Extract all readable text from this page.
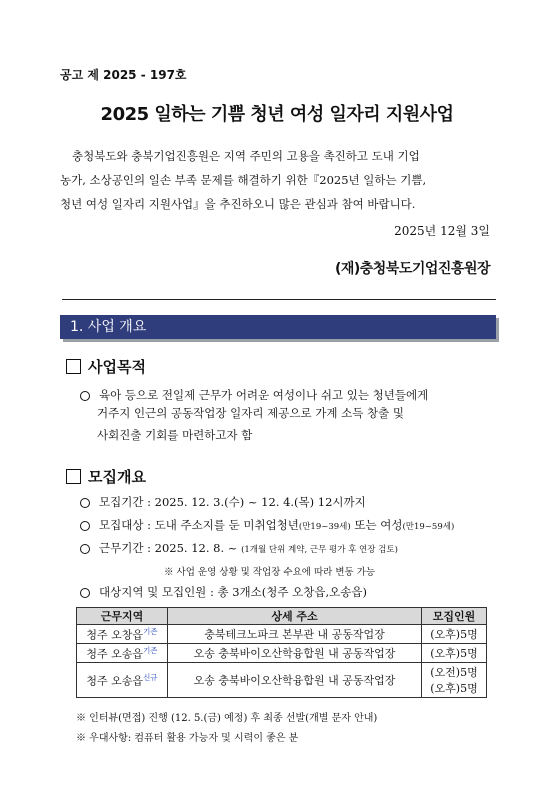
공고 제 2025 - 197호
2025 일하는 기쁨 청년 여성 일자리 지원사업
충청북도와 충북기업진흥원은 지역 주민의 고용을 촉진하고 도내 기업
농가, 소상공인의 일손 부족 문제를 해결하기 위한『2025년 일하는 기쁨,
청년 여성 일자리 지원사업』을 추진하오니 많은 관심과 참여 바랍니다.
2025년 12월 3일
(재)충청북도기업진흥원장
1. 사업 개요
사업목적
육아 등으로 전일제 근무가 어려운 여성이나 쉬고 있는 청년들에게
거주지 인근의 공동작업장 일자리 제공으로 가계 소득 창출 및
사회진출 기회를 마련하고자 함
모집개요
모집기간 : 2025. 12. 3.(수) ~ 12. 4.(목) 12시까지
모집대상 : 도내 주소지를 둔 미취업청년(만19~39세) 또는 여성(만19~59세)
근무기간 : 2025. 12. 8. ~ (1개월 단위 계약, 근무 평가 후 연장 검토)
※ 사업 운영 상황 및 작업장 수요에 따라 변동 가능
대상지역 및 모집인원 : 총 3개소(청주 오창읍,오송읍)
근무지역	상세 주소	모집인원
청주 오창읍$^{기존}$	충북테크노파크 본부관 내 공동작업장	(오후)5명
청주 오송읍$^{기존}$	오송 충북바이오산학융합원 내 공동작업장	(오후)5명
청주 오송읍$^{신규}$	오송 충북바이오산학융합원 내 공동작업장	(오전)5명
(오후)5명
※ 인터뷰(면접) 진행 (12. 5.(금) 예정) 후 최종 선발(개별 문자 안내)
※ 우대사항: 컴퓨터 활용 가능자 및 시력이 좋은 분
